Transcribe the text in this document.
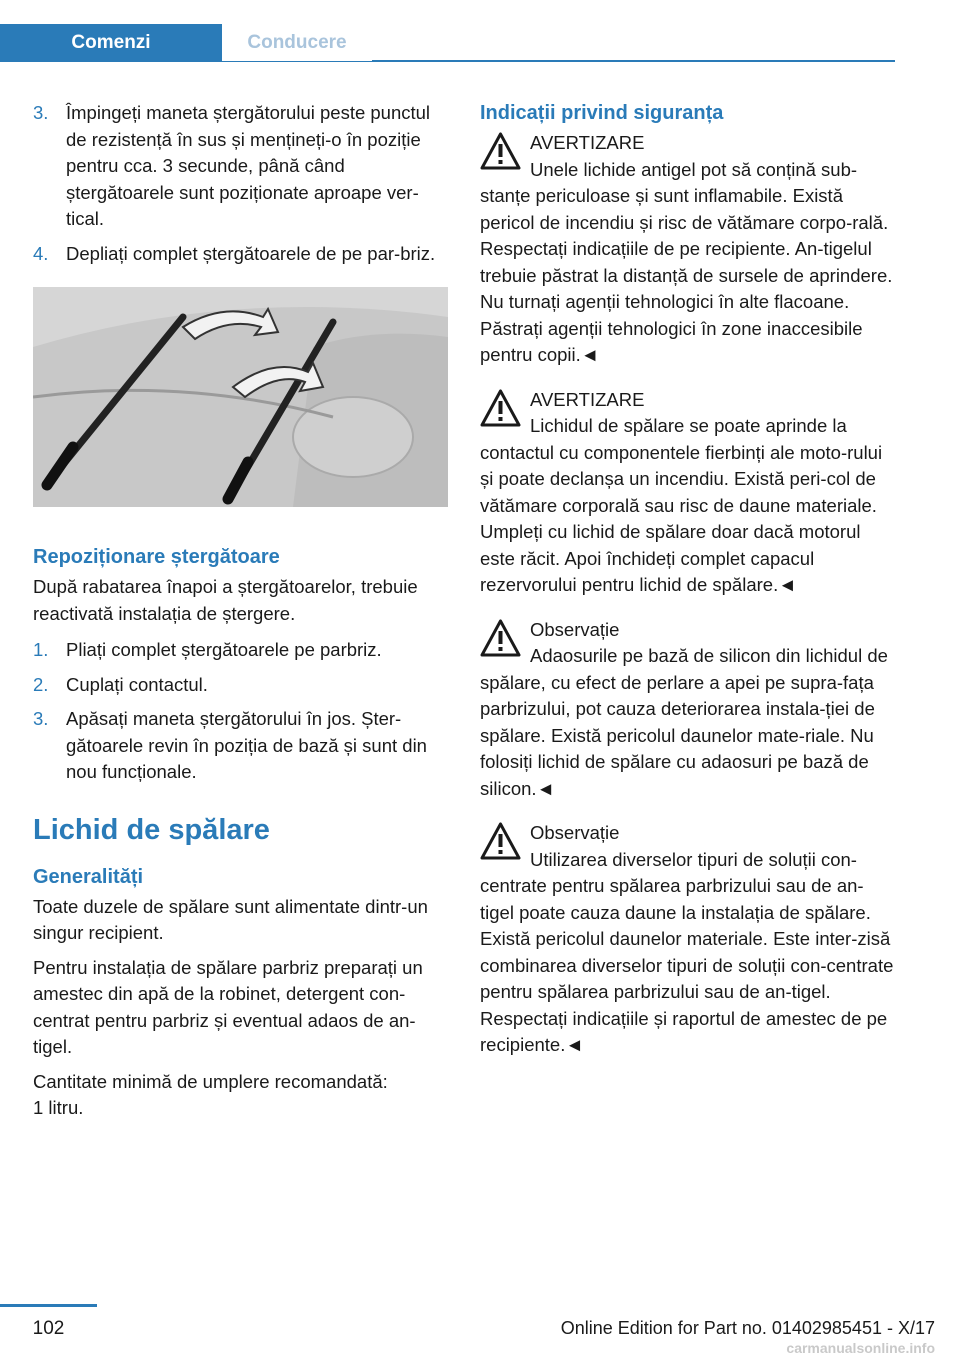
Comenzi	Conducere
3. Împingeți maneta ștergătorului peste punctul de rezistență în sus și mențineți-o în poziție pentru cca. 3 secunde, până când ștergătoarele sunt poziționate aproape ver‐tical.
4. Depliați complet ștergătoarele de pe par‐briz.
Repoziționare ștergătoare

După rabatarea înapoi a ștergătoarelor, trebuie reactivată instalația de ștergere.

1. Pliați complet ștergătoarele pe parbriz.
2. Cuplați contactul.
3. Apăsați maneta ștergătorului în jos. Șter‐gătoarele revin în poziția de bază și sunt din nou funcționale.
Lichid de spălare
Generalități

Toate duzele de spălare sunt alimentate dintr‐un singur recipient.

Pentru instalația de spălare parbriz preparați un amestec din apă de la robinet, detergent con‐centrat pentru parbriz și eventual adaos de an‐tigel.

Cantitate minimă de umplere recomandată:
1 litru.

Indicații privind siguranța
AVERTIZARE
Unele lichide antigel pot să conțină sub‐stanțe periculoase și sunt inflamabile. Există pericol de incendiu și risc de vătămare corpo‐rală. Respectați indicațiile de pe recipiente. An‐tigelul trebuie păstrat la distanță de sursele de aprindere. Nu turnați agenții tehnologici în alte flacoane. Păstrați agenții tehnologici în zone inaccesibile pentru copii.◄
AVERTIZARE
Lichidul de spălare se poate aprinde la contactul cu componentele fierbinți ale moto‐rului și poate declanșa un incendiu. Există peri‐col de vătămare corporală sau risc de daune materiale. Umpleți cu lichid de spălare doar dacă motorul este răcit. Apoi închideți complet capacul rezervorului pentru lichid de spălare.◄
Observație
Adaosurile pe bază de silicon din lichidul de spălare, cu efect de perlare a apei pe supra‐fața parbrizului, pot cauza deteriorarea instala‐ției de spălare. Există pericolul daunelor mate‐riale. Nu folosiți lichid de spălare cu adaosuri pe bază de silicon.◄
Observație
Utilizarea diverselor tipuri de soluții con‐centrate pentru spălarea parbrizului sau de an‐tigel poate cauza daune la instalația de spălare. Există pericolul daunelor materiale. Este inter‐zisă combinarea diverselor tipuri de soluții con‐centrate pentru spălarea parbrizului sau de an‐tigel. Respectați indicațiile și raportul de amestec de pe recipiente.◄
102	Online Edition for Part no. 01402985451 - X/17
carmanualsonline.info
